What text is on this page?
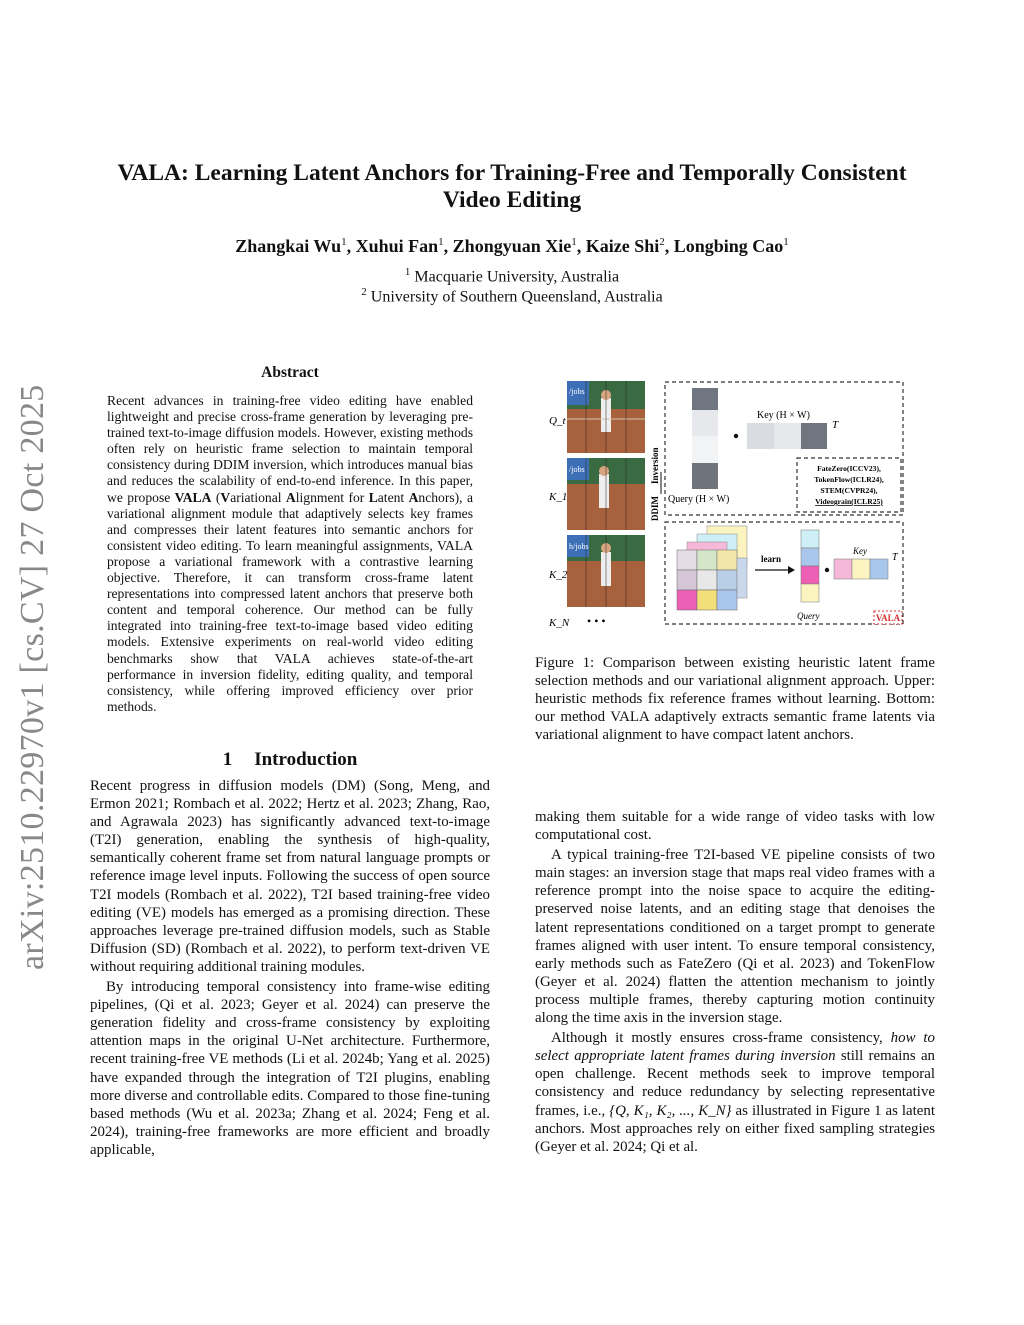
VALA: Learning Latent Anchors for Training-Free and Temporally Consistent
Video Editing
Zhangkai Wu$^1$, Xuhui Fan$^1$, Zhongyuan Xie$^1$, Kaize Shi$^2$, Longbing Cao$^1$
$^1$ Macquarie University, Australia
$^2$ University of Southern Queensland, Australia
arXiv:2510.22970v1 [cs.CV] 27 Oct 2025
Abstract
Recent advances in training-free video editing have enabled lightweight and precise cross-frame generation by leveraging pre-trained text-to-image diffusion models. However, existing methods often rely on heuristic frame selection to maintain temporal consistency during DDIM inversion, which introduces manual bias and reduces the scalability of end-to-end inference. In this paper, we propose VALA (Variational Alignment for Latent Anchors), a variational alignment module that adaptively selects key frames and compresses their latent features into semantic anchors for consistent video editing. To learn meaningful assignments, VALA propose a variational framework with a contrastive learning objective. Therefore, it can transform cross-frame latent representations into compressed latent anchors that preserve both content and temporal coherence. Our method can be fully integrated into training-free text-to-image based video editing models. Extensive experiments on real-world video editing benchmarks show that VALA achieves state-of-the-art performance in inversion fidelity, editing quality, and temporal consistency, while offering improved efficiency over prior methods.
1 Introduction

Recent progress in diffusion models (DM) (Song, Meng, and Ermon 2021; Rombach et al. 2022; Hertz et al. 2023; Zhang, Rao, and Agrawala 2023) has significantly advanced text-to-image (T2I) generation, enabling the synthesis of high-quality, semantically coherent frame set from natural language prompts or reference image level inputs. Following the success of open source T2I models (Rombach et al. 2022), T2I based training-free video editing (VE) models has emerged as a promising direction. These approaches leverage pre-trained diffusion models, such as Stable Diffusion (SD) (Rombach et al. 2022), to perform text-driven VE without requiring additional training modules.

By introducing temporal consistency into frame-wise editing pipelines, (Qi et al. 2023; Geyer et al. 2024) can preserve the generation fidelity and cross-frame consistency by exploiting attention maps in the original U-Net architecture. Furthermore, recent training-free VE methods (Li et al. 2024b; Yang et al. 2025) have expanded through the integration of T2I plugins, enabling more diverse and controllable edits. Compared to those fine-tuning based methods (Wu et al. 2023a; Zhang et al. 2024; Feng et al. 2024), training-free frameworks are more efficient and broadly applicable,

Q_t
K_1
K_2
K_N
/jobs
/jobs
h/jobs
• • •
DDIM
Inversion
Key (H × W)
T
Query (H × W)
FateZero(ICCV23),
TokenFlow(ICLR24),
STEM(CVPR24),
Videograin(ICLR25)
learn
Key
T
Query	VALA
Figure 1: Comparison between existing heuristic latent frame selection methods and our variational alignment approach. Upper: heuristic methods fix reference frames without learning. Bottom: our method VALA adaptively extracts semantic frame latents via variational alignment to have compact latent anchors.

making them suitable for a wide range of video tasks with low computational cost.

A typical training-free T2I-based VE pipeline consists of two main stages: an inversion stage that maps real video frames with a reference prompt into the noise space to acquire the editing-preserved noise latents, and an editing stage that denoises the latent representations conditioned on a target prompt to generate frames aligned with user intent. To ensure temporal consistency, early methods such as FateZero (Qi et al. 2023) and TokenFlow (Geyer et al. 2024) flatten the attention mechanism to jointly process multiple frames, thereby capturing motion continuity along the time axis in the inversion stage.

Although it mostly ensures cross-frame consistency, how to select appropriate latent frames during inversion still remains an open challenge. Recent methods seek to improve temporal consistency and reduce redundancy by selecting representative frames, i.e., {Q, K₁, K₂, ..., K_N} as illustrated in Figure 1 as latent anchors. Most approaches rely on either fixed sampling strategies (Geyer et al. 2024; Qi et al.
